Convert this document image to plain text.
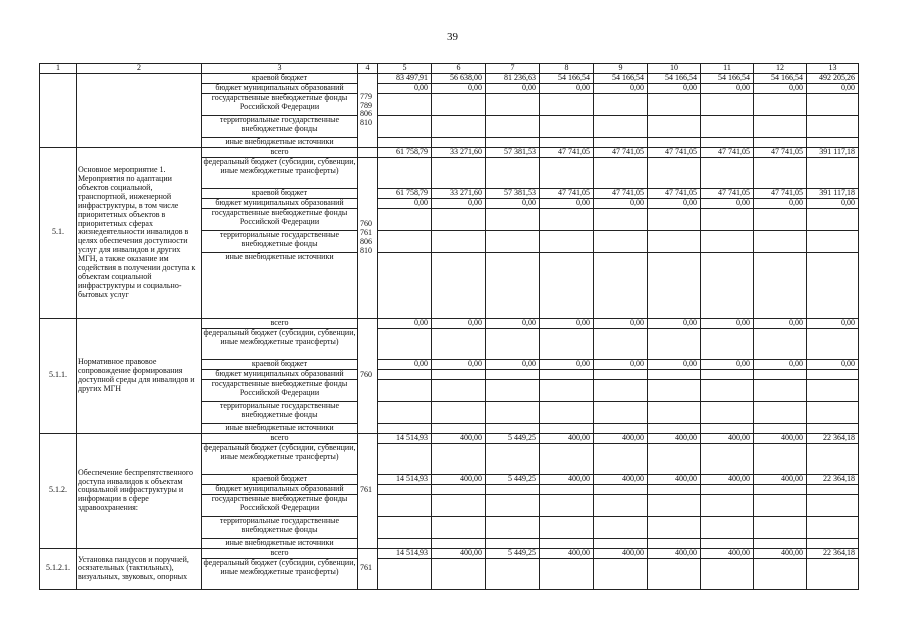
39
1	2	3	4	5	6	7	8	9	10	11	12	13
		краевой бюджет	779 789 806 810	83 497,91	56 638,00	81 236,63	54 166,54	54 166,54	54 166,54	54 166,54	54 166,54	492 205,26
		бюджет муниципальных образований		0,00	0,00	0,00	0,00	0,00	0,00	0,00	0,00	0,00
		государственные внебюджетные фонды Российской Федерации										
		территориальные государственные внебюджетные фонды										
		иные внебюджетные источники										
5.1.	Основное мероприятие 1. Мероприятия по адаптации объектов социальной, транспортной, инженерной инфраструктуры, в том числе приоритетных объектов в приоритетных сферах жизнедеятельности инвалидов в целях обеспечения доступности услуг для инвалидов и других МГН, а также оказание им содействия в получении доступа к объектам социальной инфраструктуры и социально-бытовых услуг	всего		61 758,79	33 271,60	57 381,53	47 741,05	47 741,05	47 741,05	47 741,05	47 741,05	391 117,18
		федеральный бюджет (субсидии, субвенции, иные межбюджетные трансферты)	760 761 806 810									
		краевой бюджет		61 758,79	33 271,60	57 381,53	47 741,05	47 741,05	47 741,05	47 741,05	47 741,05	391 117,18
		бюджет муниципальных образований		0,00	0,00	0,00	0,00	0,00	0,00	0,00	0,00	0,00
		государственные внебюджетные фонды Российской Федерации										
		территориальные государственные внебюджетные фонды										
		иные внебюджетные источники										
5.1.1.	Нормативное правовое сопровождение формирования доступной среды для инвалидов и других МГН	всего	760	0,00	0,00	0,00	0,00	0,00	0,00	0,00	0,00	0,00
		федеральный бюджет (субсидии, субвенции, иные межбюджетные трансферты)										
		краевой бюджет		0,00	0,00	0,00	0,00	0,00	0,00	0,00	0,00	0,00
		бюджет муниципальных образований										
		государственные внебюджетные фонды Российской Федерации										
		территориальные государственные внебюджетные фонды										
		иные внебюджетные источники										
5.1.2.	Обеспечение беспрепятственного доступа инвалидов к объектам социальной инфраструктуры и информации в сфере здравоохранения:	всего	761	14 514,93	400,00	5 449,25	400,00	400,00	400,00	400,00	400,00	22 364,18
		федеральный бюджет (субсидии, субвенции, иные межбюджетные трансферты)										
		краевой бюджет		14 514,93	400,00	5 449,25	400,00	400,00	400,00	400,00	400,00	22 364,18
		бюджет муниципальных образований										
		государственные внебюджетные фонды Российской Федерации										
		территориальные государственные внебюджетные фонды										
		иные внебюджетные источники										
5.1.2.1.	Установка пандусов и поручней, осязательных (тактильных), визуальных, звуковых, опорных	всего	761	14 514,93	400,00	5 449,25	400,00	400,00	400,00	400,00	400,00	22 364,18
		федеральный бюджет (субсидии, субвенции, иные межбюджетные трансферты)										
